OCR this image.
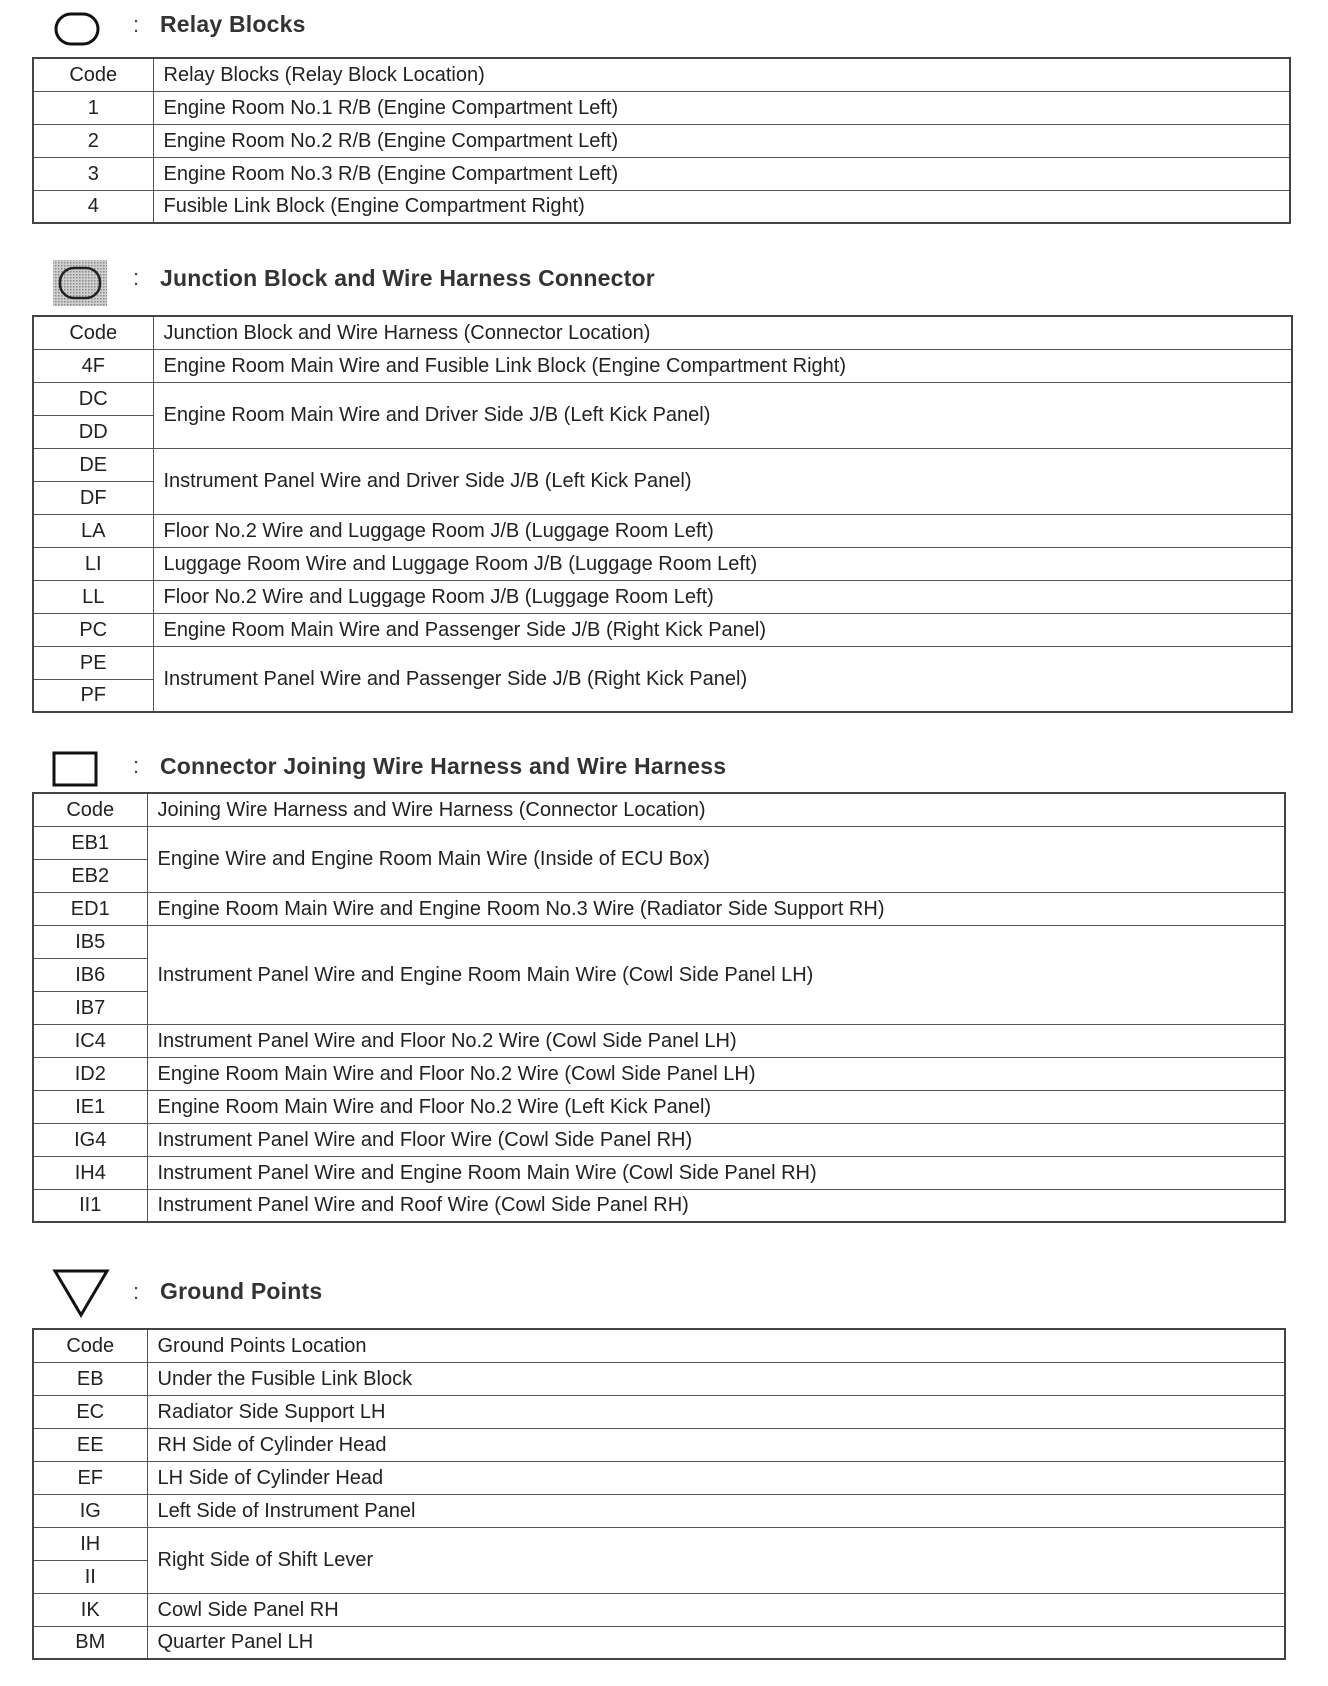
: Relay Blocks
Code	Relay Blocks (Relay Block Location)
1	Engine Room No.1 R/B (Engine Compartment Left)
2	Engine Room No.2 R/B (Engine Compartment Left)
3	Engine Room No.3 R/B (Engine Compartment Left)
4	Fusible Link Block (Engine Compartment Right)
: Junction Block and Wire Harness Connector
Code	Junction Block and Wire Harness (Connector Location)
4F	Engine Room Main Wire and Fusible Link Block (Engine Compartment Right)
DC	Engine Room Main Wire and Driver Side J/B (Left Kick Panel)
DD	
DE	Instrument Panel Wire and Driver Side J/B (Left Kick Panel)
DF	
LA	Floor No.2 Wire and Luggage Room J/B (Luggage Room Left)
LI	Luggage Room Wire and Luggage Room J/B (Luggage Room Left)
LL	Floor No.2 Wire and Luggage Room J/B (Luggage Room Left)
PC	Engine Room Main Wire and Passenger Side J/B (Right Kick Panel)
PE	Instrument Panel Wire and Passenger Side J/B (Right Kick Panel)
PF	
: Connector Joining Wire Harness and Wire Harness
Code	Joining Wire Harness and Wire Harness (Connector Location)
EB1	Engine Wire and Engine Room Main Wire (Inside of ECU Box)
EB2	
ED1	Engine Room Main Wire and Engine Room No.3 Wire (Radiator Side Support RH)
IB5	Instrument Panel Wire and Engine Room Main Wire (Cowl Side Panel LH)
IB6	
IB7	
IC4	Instrument Panel Wire and Floor No.2 Wire (Cowl Side Panel LH)
ID2	Engine Room Main Wire and Floor No.2 Wire (Cowl Side Panel LH)
IE1	Engine Room Main Wire and Floor No.2 Wire (Left Kick Panel)
IG4	Instrument Panel Wire and Floor Wire (Cowl Side Panel RH)
IH4	Instrument Panel Wire and Engine Room Main Wire (Cowl Side Panel RH)
II1	Instrument Panel Wire and Roof Wire (Cowl Side Panel RH)
: Ground Points
Code	Ground Points Location
EB	Under the Fusible Link Block
EC	Radiator Side Support LH
EE	RH Side of Cylinder Head
EF	LH Side of Cylinder Head
IG	Left Side of Instrument Panel
IH	Right Side of Shift Lever
II	
IK	Cowl Side Panel RH
BM	Quarter Panel LH
